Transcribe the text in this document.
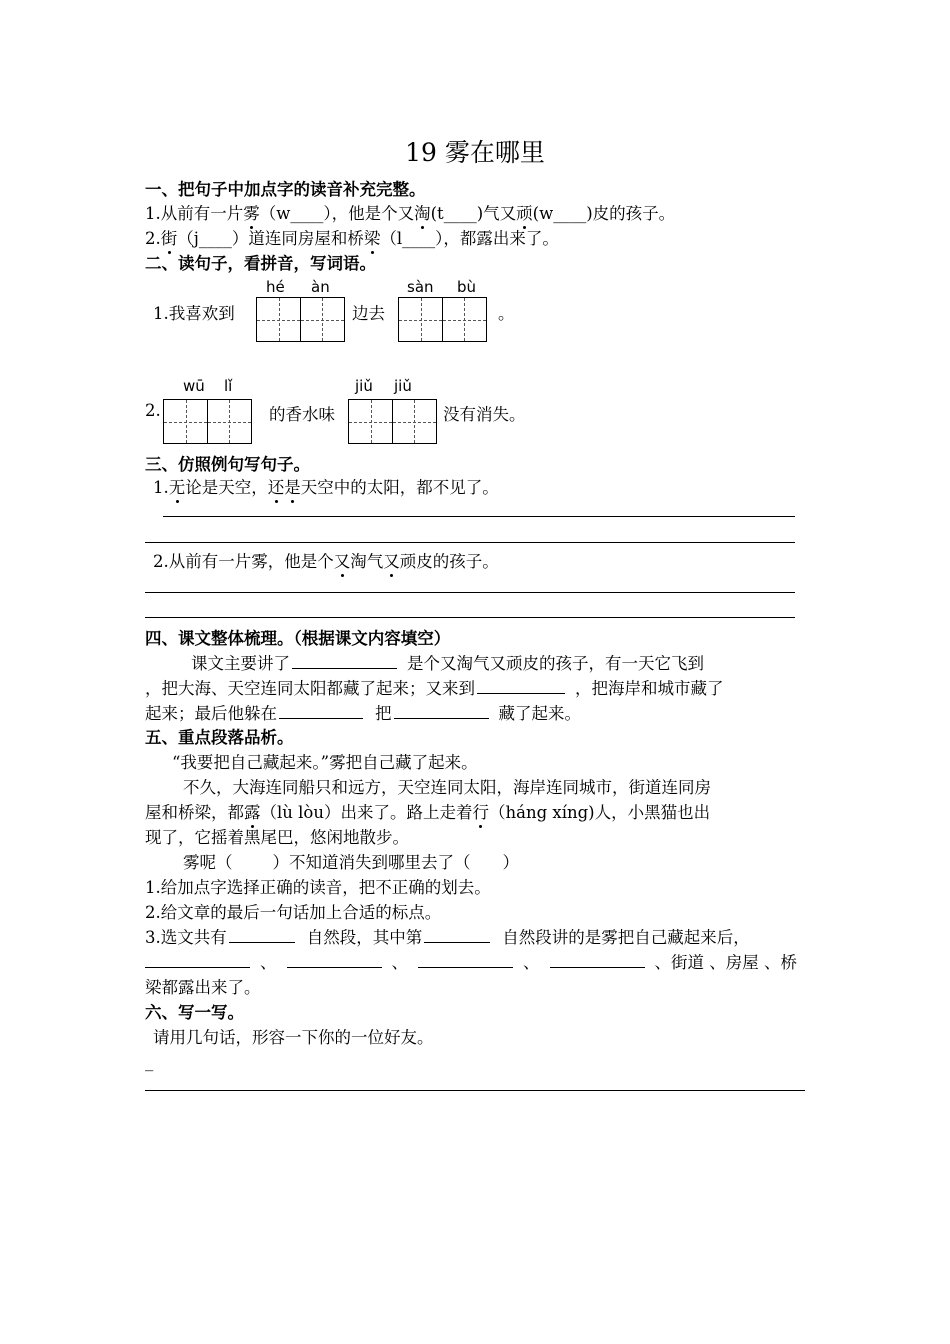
19 雾在哪里
一、把句子中加点字的读音补充完整。
1.从前有一片雾（w____），他是个又淘(t____)气又顽(w____)皮的孩子。
2.街（j____）道连同房屋和桥梁（l____），都露出来了。
二、读句子，看拼音，写词语。
hé àn	sàn bù
1.我喜欢到	边去	。
wū lǐ	jiǔ jiǔ
2.	的香水味	没有消失。
三、仿照例句写句子。
1.无论是天空，还是天空中的太阳，都不见了。
2.从前有一片雾，他是个又淘气又顽皮的孩子。
四、课文整体梳理。（根据课文内容填空）
课文主要讲了	是个又淘气又顽皮的孩子，有一天它飞到
，把大海、天空连同太阳都藏了起来；又来到	，把海岸和城市藏了
起来；最后他躲在	把	藏了起来。
五、重点段落品析。
“我要把自己藏起来。”雾把自己藏了起来。
不久，大海连同船只和远方，天空连同太阳，海岸连同城市，街道连同房
屋和桥梁，都露（lù lòu）出来了。路上走着行（háng xíng)人，小黑猫也出
现了，它摇着黑尾巴，悠闲地散步。
雾呢（ ）不知道消失到哪里去了（ ）
1.给加点字选择正确的读音，把不正确的划去。
2.给文章的最后一句话加上合适的标点。
3.选文共有	自然段，其中第	自然段讲的是雾把自己藏起来后，
、	、	、	、街道 、房屋 、桥
梁都露出来了。
六、写一写。
请用几句话，形容一下你的一位好友。
_
